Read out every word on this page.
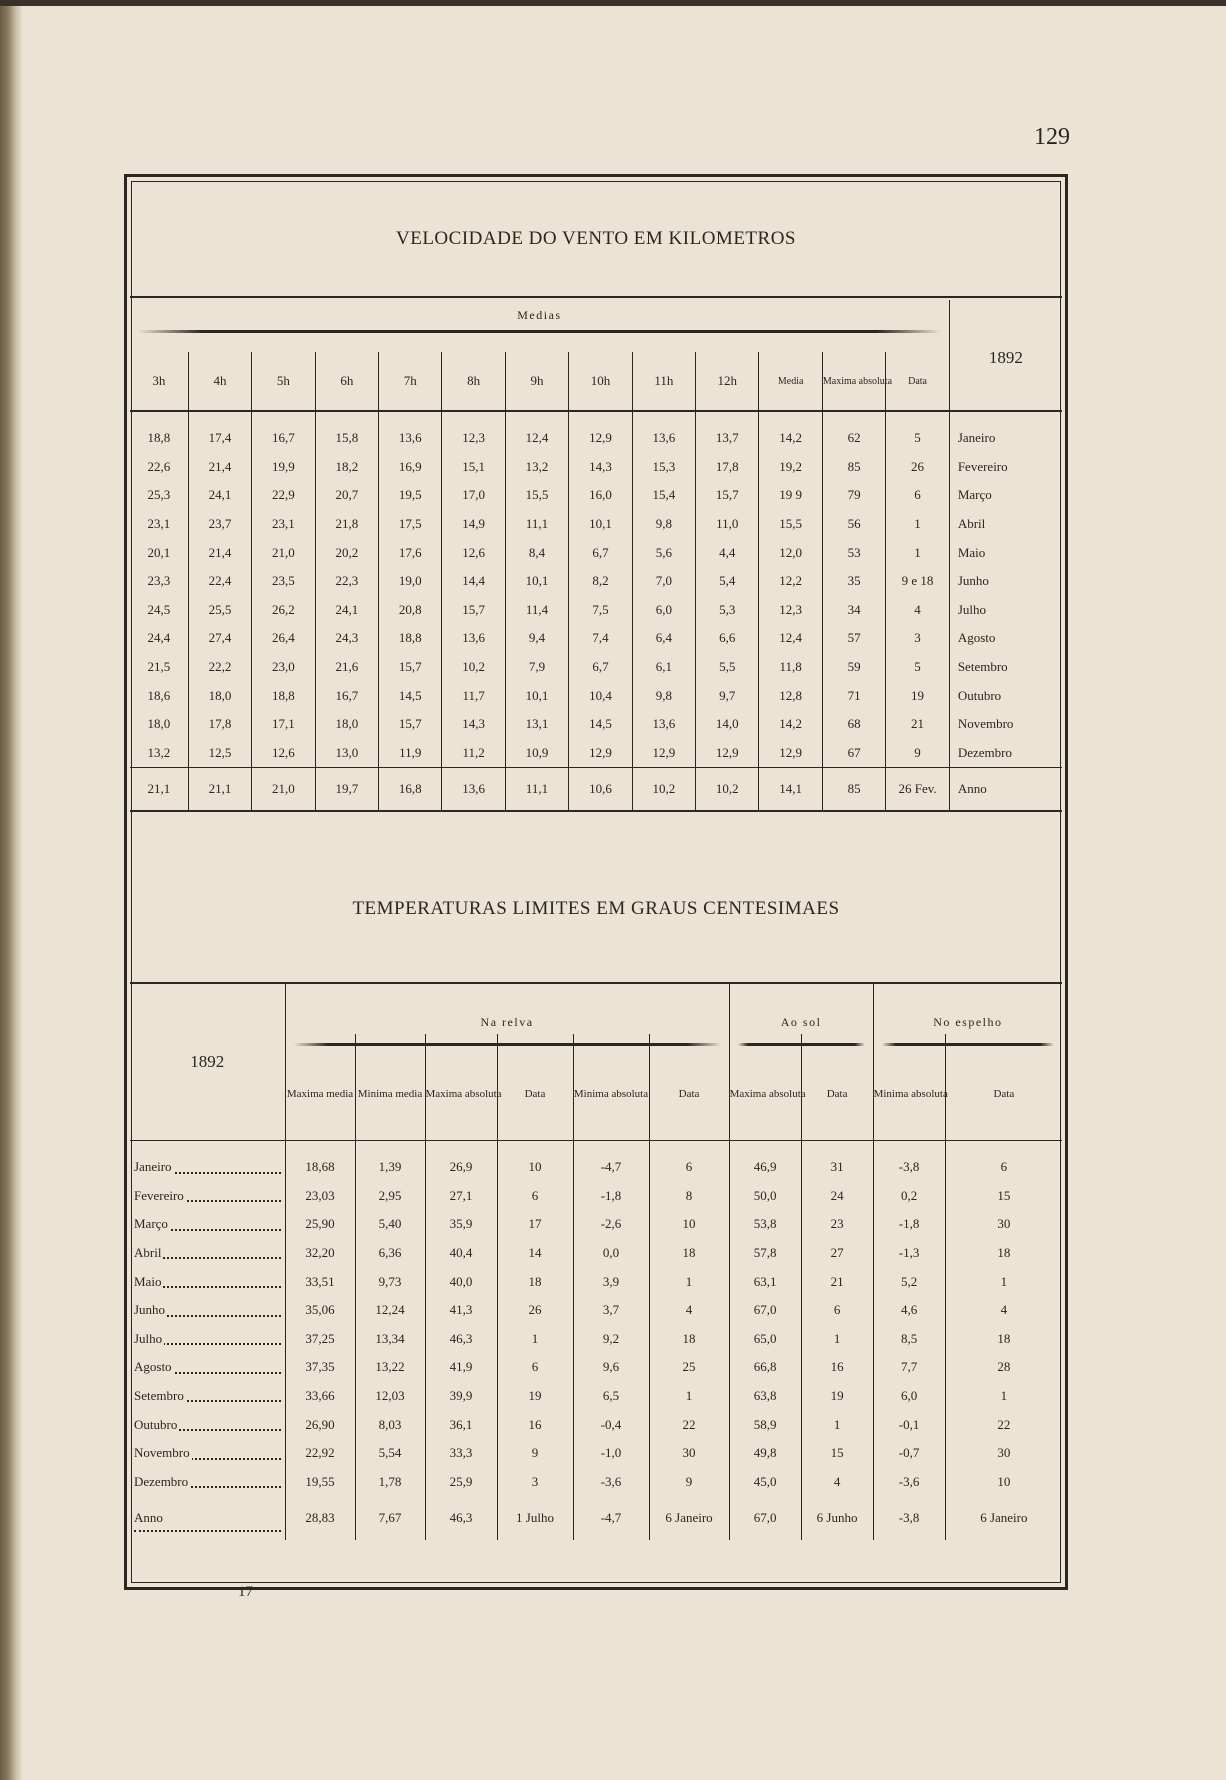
129
VELOCIDADE DO VENTO EM KILOMETROS
Medias													1892
3h	4h	5h	6h	7h	8h	9h	10h	11h	12h	Media	Maxima absoluta	Data	
18,8	17,4	16,7	15,8	13,6	12,3	12,4	12,9	13,6	13,7	14,2	62	5	Janeiro
22,6	21,4	19,9	18,2	16,9	15,1	13,2	14,3	15,3	17,8	19,2	85	26	Fevereiro
25,3	24,1	22,9	20,7	19,5	17,0	15,5	16,0	15,4	15,7	19 9	79	6	Março
23,1	23,7	23,1	21,8	17,5	14,9	11,1	10,1	9,8	11,0	15,5	56	1	Abril
20,1	21,4	21,0	20,2	17,6	12,6	8,4	6,7	5,6	4,4	12,0	53	1	Maio
23,3	22,4	23,5	22,3	19,0	14,4	10,1	8,2	7,0	5,4	12,2	35	9 e 18	Junho
24,5	25,5	26,2	24,1	20,8	15,7	11,4	7,5	6,0	5,3	12,3	34	4	Julho
24,4	27,4	26,4	24,3	18,8	13,6	9,4	7,4	6,4	6,6	12,4	57	3	Agosto
21,5	22,2	23,0	21,6	15,7	10,2	7,9	6,7	6,1	5,5	11,8	59	5	Setembro
18,6	18,0	18,8	16,7	14,5	11,7	10,1	10,4	9,8	9,7	12,8	71	19	Outubro
18,0	17,8	17,1	18,0	15,7	14,3	13,1	14,5	13,6	14,0	14,2	68	21	Novembro
13,2	12,5	12,6	13,0	11,9	11,2	10,9	12,9	12,9	12,9	12,9	67	9	Dezembro
21,1	21,1	21,0	19,7	16,8	13,6	11,1	10,6	10,2	10,2	14,1	85	26 Fev.	Anno
TEMPERATURAS LIMITES EM GRAUS CENTESIMAES
1892	Na relva						Ao sol		No espelho	

	Maxima media	Minima media	Maxima absoluta	Data	Minima absoluta	Data	Maxima absoluta	Data	Minima absoluta	Data

Janeiro	18,68	1,39	26,9	10	-4,7	6	46,9	31	-3,8	6

Fevereiro	23,03	2,95	27,1	6	-1,8	8	50,0	24	0,2	15

Março	25,90	5,40	35,9	17	-2,6	10	53,8	23	-1,8	30

Abril	32,20	6,36	40,4	14	0,0	18	57,8	27	-1,3	18

Maio	33,51	9,73	40,0	18	3,9	1	63,1	21	5,2	1

Junho	35,06	12,24	41,3	26	3,7	4	67,0	6	4,6	4

Julho	37,25	13,34	46,3	1	9,2	18	65,0	1	8,5	18

Agosto	37,35	13,22	41,9	6	9,6	25	66,8	16	7,7	28

Setembro	33,66	12,03	39,9	19	6,5	1	63,8	19	6,0	1

Outubro	26,90	8,03	36,1	16	-0,4	22	58,9	1	-0,1	22

Novembro	22,92	5,54	33,3	9	-1,0	30	49,8	15	-0,7	30

Dezembro	19,55	1,78	25,9	3	-3,6	9	45,0	4	-3,6	10

Anno	28,83	7,67	46,3	1 Julho	-4,7	6 Janeiro	67,0	6 Junho	-3,8	6 Janeiro
17
